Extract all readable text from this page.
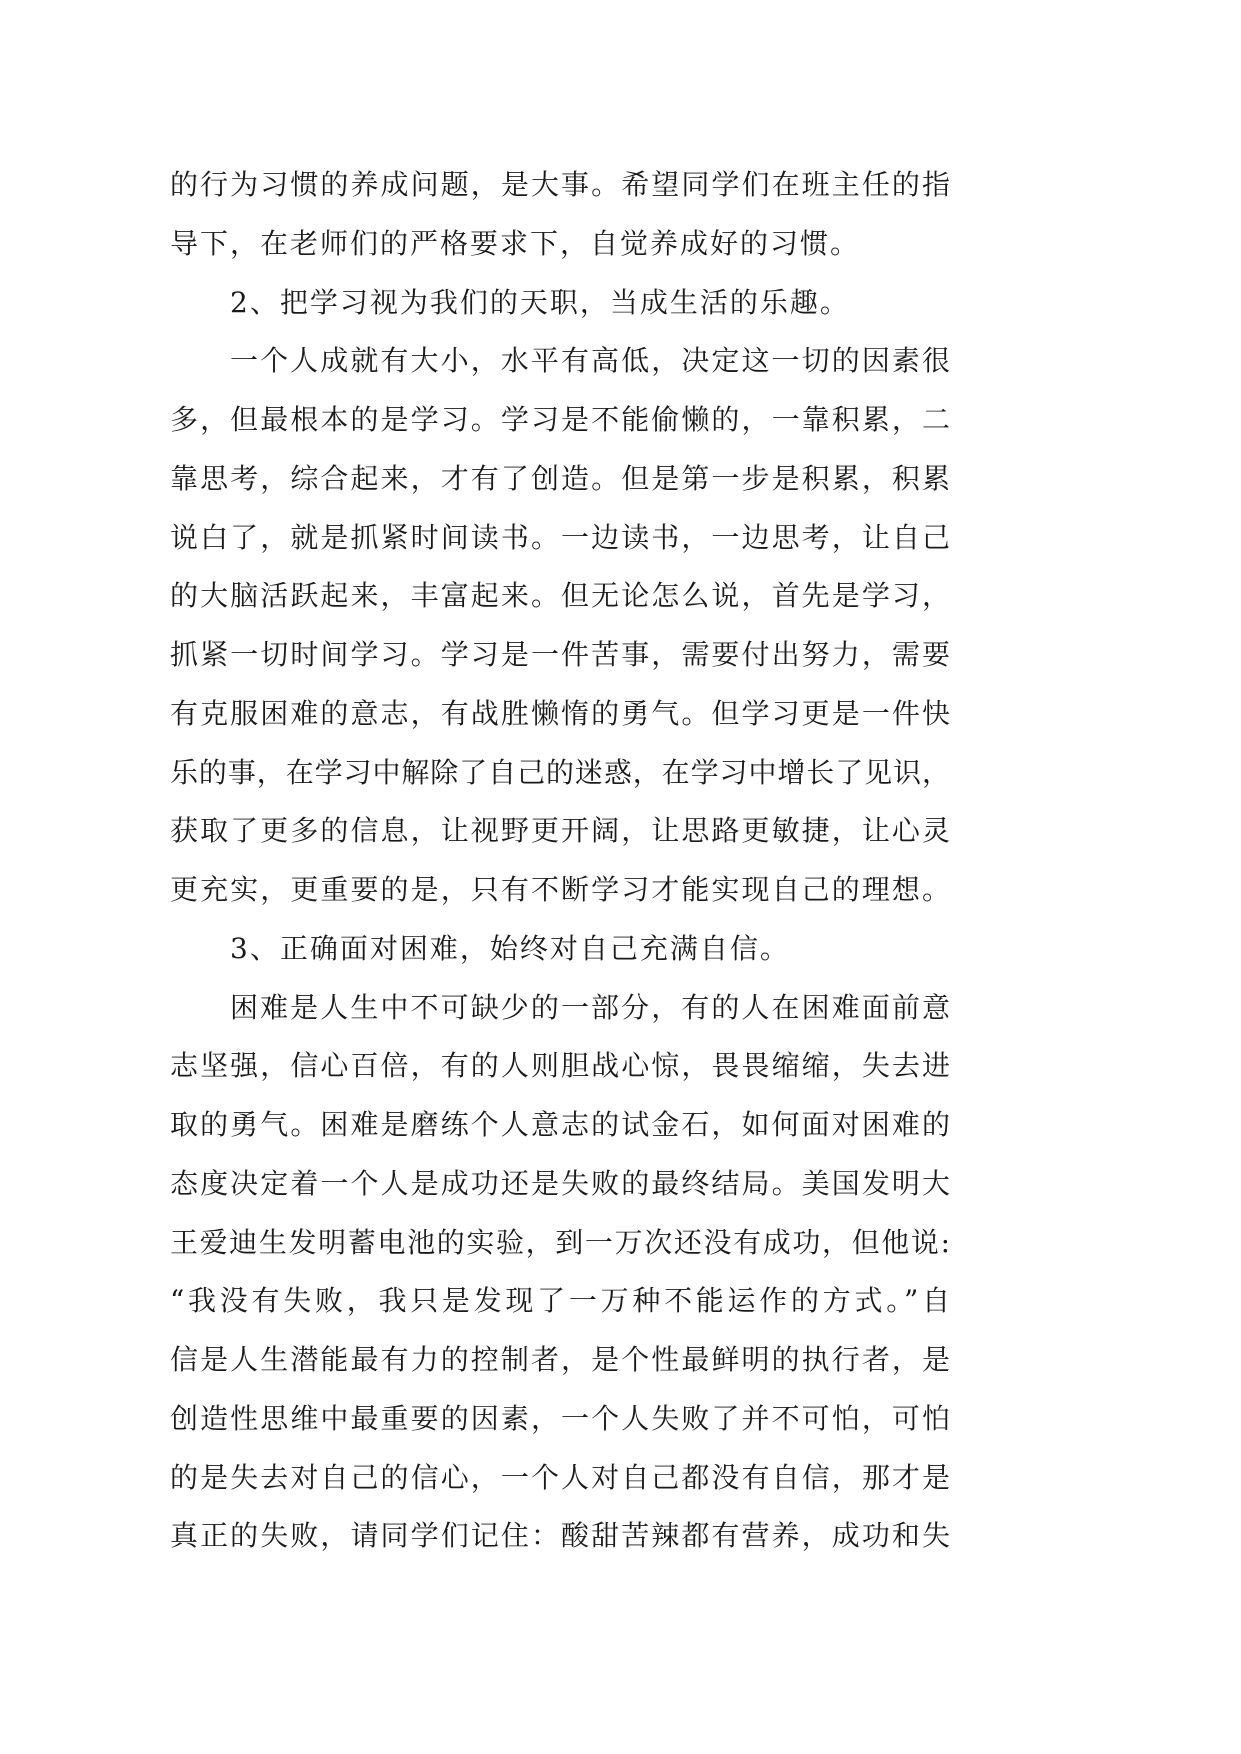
的行为习惯的养成问题，是大事。希望同学们在班主任的指
导下，在老师们的严格要求下，自觉养成好的习惯。
2、把学习视为我们的天职，当成生活的乐趣。
一个人成就有大小，水平有高低，决定这一切的因素很
多，但最根本的是学习。学习是不能偷懒的，一靠积累，二
靠思考，综合起来，才有了创造。但是第一步是积累，积累
说白了，就是抓紧时间读书。一边读书，一边思考，让自己
的大脑活跃起来，丰富起来。但无论怎么说，首先是学习，
抓紧一切时间学习。学习是一件苦事，需要付出努力，需要
有克服困难的意志，有战胜懒惰的勇气。但学习更是一件快
乐的事，在学习中解除了自己的迷惑，在学习中增长了见识，
获取了更多的信息，让视野更开阔，让思路更敏捷，让心灵
更充实，更重要的是，只有不断学习才能实现自己的理想。
3、正确面对困难，始终对自己充满自信。
困难是人生中不可缺少的一部分，有的人在困难面前意
志坚强，信心百倍，有的人则胆战心惊，畏畏缩缩，失去进
取的勇气。困难是磨练个人意志的试金石，如何面对困难的
态度决定着一个人是成功还是失败的最终结局。美国发明大
王爱迪生发明蓄电池的实验，到一万次还没有成功，但他说:
“我没有失败，我只是发现了一万种不能运作的方式。”自
信是人生潜能最有力的控制者，是个性最鲜明的执行者，是
创造性思维中最重要的因素，一个人失败了并不可怕，可怕
的是失去对自己的信心，一个人对自己都没有自信，那才是
真正的失败，请同学们记住：酸甜苦辣都有营养，成功和失
